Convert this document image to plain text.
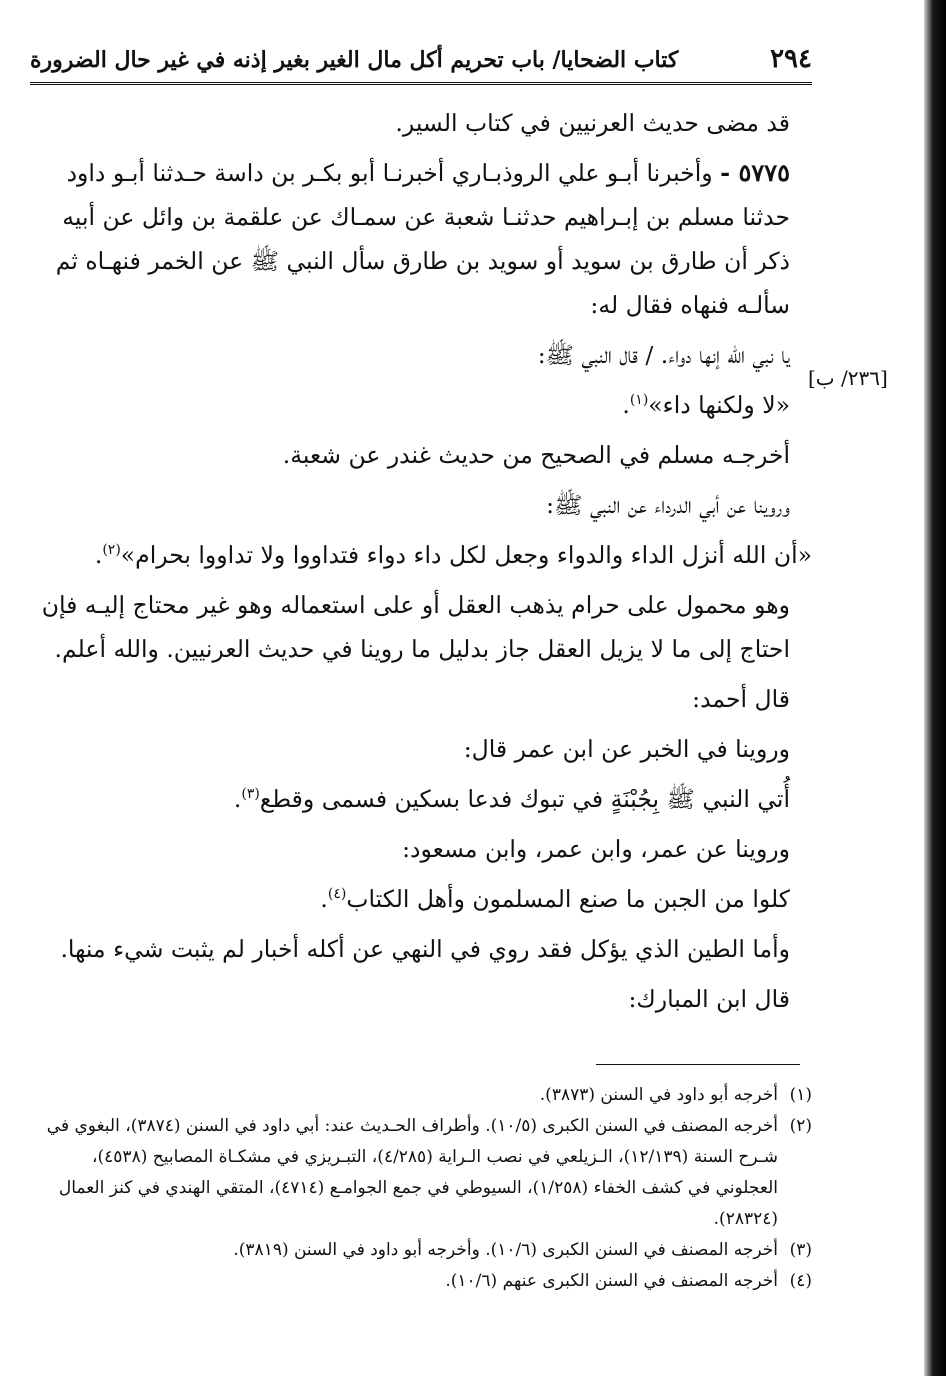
٢٩٤
كتاب الضحايا/ باب تحريم أكل مال الغير بغير إذنه في غير حال الضرورة

قد مضى حديث العرنيين في كتاب السير.

٥٧٧٥ - وأخبرنا أبـو علي الروذبـاري أخبرنـا أبو بكـر بن داسة حـدثنا أبـو داود حدثنا مسلم بن إبـراهيم حدثنـا شعبة عن سمـاك عن علقمة بن وائل عن أبيه ذكر أن طارق بن سويد أو سويد بن طارق سأل النبي ﷺ عن الخمر فنهـاه ثم سألـه فنهاه فقال له:

يا نبي الله إنها دواء. / قال النبي ﷺ:

«لا ولكنها داء»$^{(١)}$.

أخرجـه مسلم في الصحيح من حديث غندر عن شعبة.

وروينا عن أبي الدرداء عن النبي ﷺ:

«أن الله أنزل الداء والدواء وجعل لكل داء دواء فتداووا ولا تداووا بحرام»$^{(٢)}$.

وهو محمول على حرام يذهب العقل أو على استعماله وهو غير محتاج إليـه فإن احتاج إلى ما لا يزيل العقل جاز بدليل ما روينا في حديث العرنيين. والله أعلم.

قال أحمد:

وروينا في الخبر عن ابن عمر قال:

أُتي النبي ﷺ بِجُبْنَةٍ في تبوك فدعا بسكين فسمى وقطع$^{(٣)}$.

وروينا عن عمر، وابن عمر، وابن مسعود:

كلوا من الجبن ما صنع المسلمون وأهل الكتاب$^{(٤)}$.

وأما الطين الذي يؤكل فقد روي في النهي عن أكله أخبار لم يثبت شيء منها.

قال ابن المبارك:

[٢٣٦/ ب]

(١)
أخرجه أبو داود في السنن (٣٨٧٣).

(٢)
أخرجه المصنف في السنن الكبرى (١٠/٥). وأطراف الحـديث عند: أبي داود في السنن (٣٨٧٤)، البغوي في شـرح السنة (١٢/١٣٩)، الـزيلعي في نصب الـراية (٤/٢٨٥)، التبـريزي في مشكـاة المصابيح (٤٥٣٨)، العجلوني في كشف الخفاء (١/٢٥٨)، السيوطي في جمع الجوامـع (٤٧١٤)، المتقي الهندي في كنز العمال (٢٨٣٢٤).

(٣)
أخرجه المصنف في السنن الكبرى (١٠/٦). وأخرجه أبو داود في السنن (٣٨١٩).

(٤)
أخرجه المصنف في السنن الكبرى عنهم (١٠/٦).
